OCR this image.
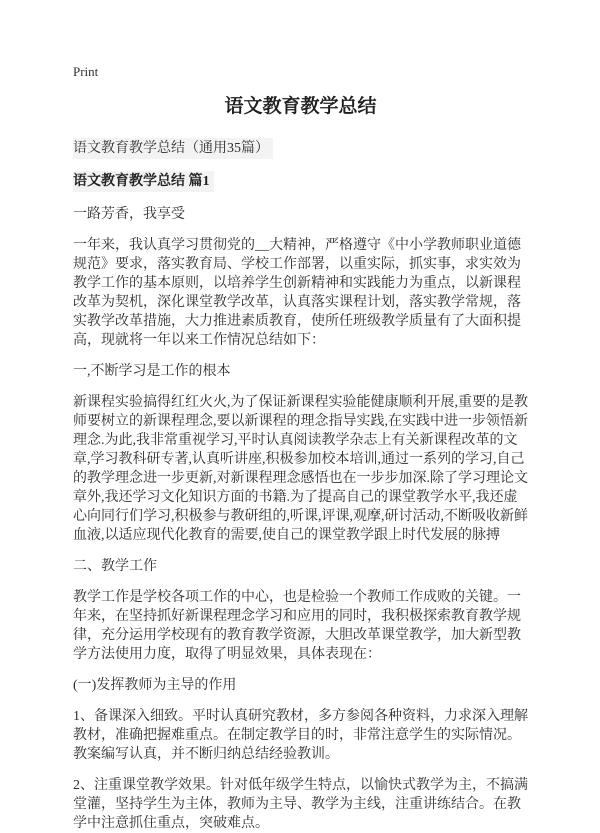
Print
语文教育教学总结
语文教育教学总结（通用35篇）
语文教育教学总结 篇1

一路芳香，我享受

一年来，我认真学习贯彻党的__大精神，严格遵守《中小学教师职业道德规范》要求，落实教育局、学校工作部署，以重实际，抓实事，求实效为教学工作的基本原则，以培养学生创新精神和实践能力为重点，以新课程改革为契机，深化课堂教学改革，认真落实课程计划，落实教学常规，落实教学改革措施，大力推进素质教育，使所任班级教学质量有了大面积提高，现就将一年以来工作情况总结如下：

一,不断学习是工作的根本

新课程实验搞得红红火火,为了保证新课程实验能健康顺利开展,重要的是教师要树立的新课程理念,要以新课程的理念指导实践,在实践中进一步领悟新理念.为此,我非常重视学习,平时认真阅读教学杂志上有关新课程改革的文章,学习教科研专著,认真听讲座,积极参加校本培训,通过一系列的学习,自己的教学理念进一步更新,对新课程理念感悟也在一步步加深.除了学习理论文章外,我还学习文化知识方面的书籍.为了提高自己的课堂教学水平,我还虚心向同行们学习,积极参与教研组的,听课,评课,观摩,研讨活动,不断吸收新鲜血液,以适应现代化教育的需要,使自己的课堂教学跟上时代发展的脉搏

二、教学工作

教学工作是学校各项工作的中心，也是检验一个教师工作成败的关键。一年来，在坚持抓好新课程理念学习和应用的同时，我积极探索教育教学规律，充分运用学校现有的教育教学资源，大胆改革课堂教学，加大新型教学方法使用力度，取得了明显效果，具体表现在：

(一)发挥教师为主导的作用

1、备课深入细致。平时认真研究教材，多方参阅各种资料，力求深入理解教材，准确把握难重点。在制定教学目的时，非常注意学生的实际情况。教案编写认真，并不断归纳总结经验教训。

2、注重课堂教学效果。针对低年级学生特点，以愉快式教学为主，不搞满堂灌，坚持学生为主体，教师为主导、教学为主线，注重讲练结合。在教学中注意抓住重点，突破难点。
